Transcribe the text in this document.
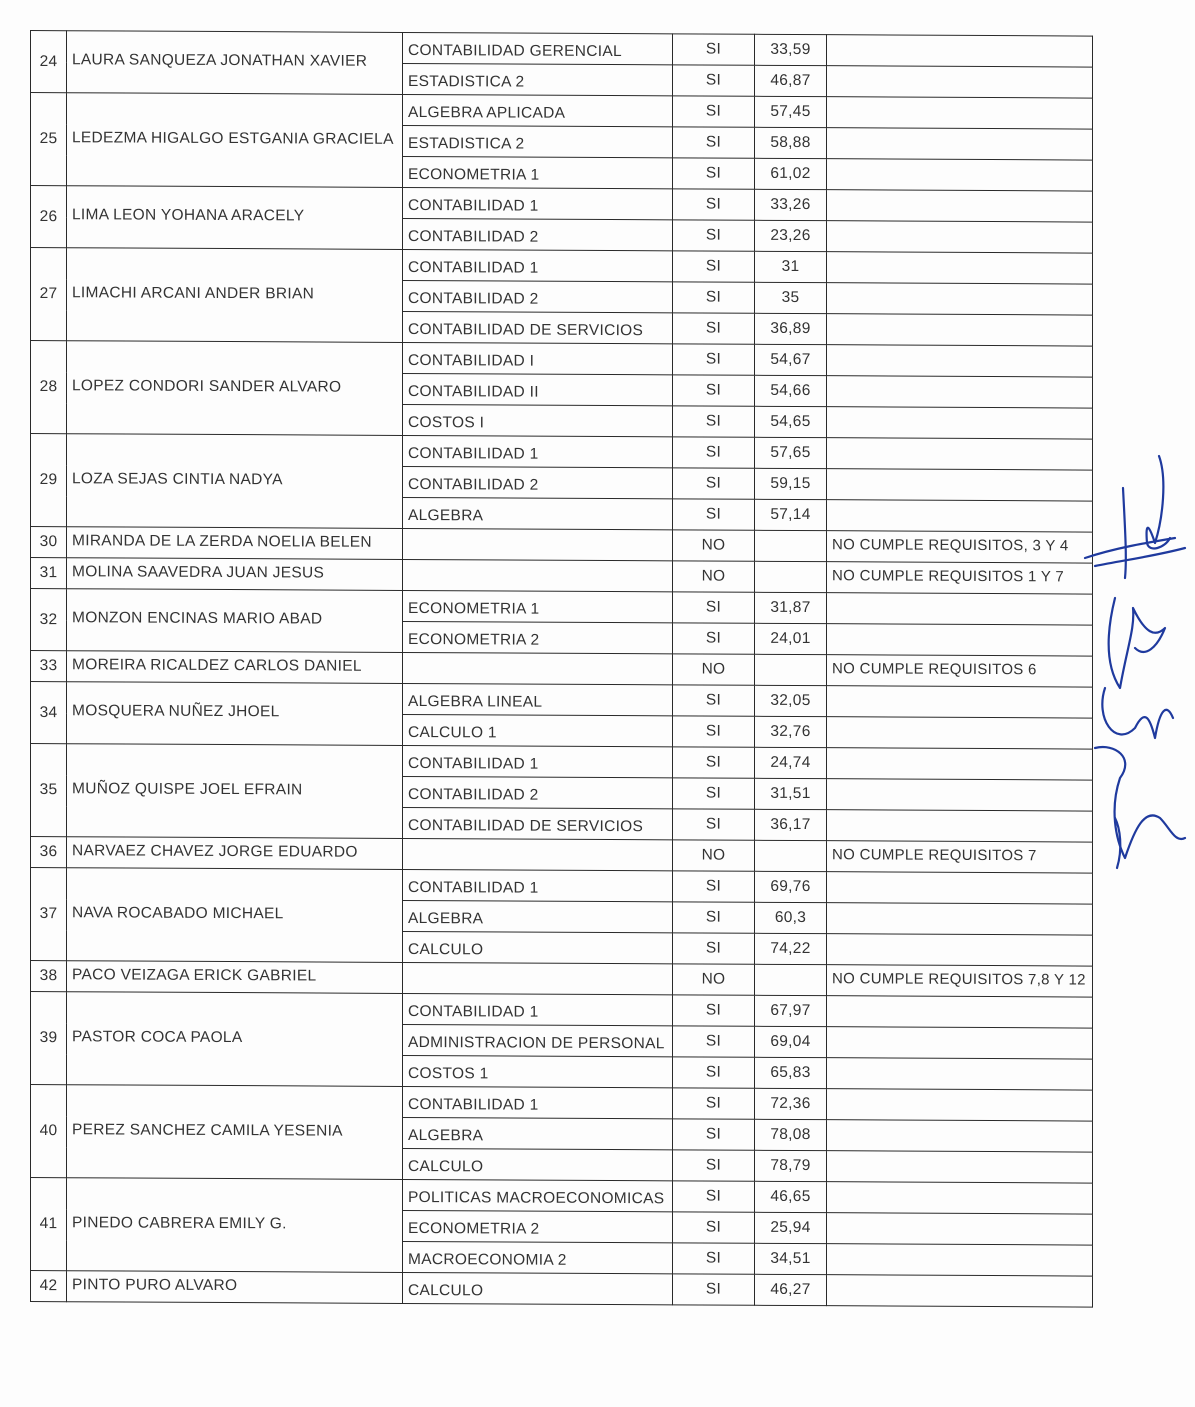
24	LAURA SANQUEZA JONATHAN XAVIER	CONTABILIDAD GERENCIAL	SI	33,59	
		ESTADISTICA 2	SI	46,87	
25	LEDEZMA HIGALGO ESTGANIA GRACIELA	ALGEBRA APLICADA	SI	57,45	
		ESTADISTICA 2	SI	58,88	
		ECONOMETRIA 1	SI	61,02	
26	LIMA LEON YOHANA ARACELY	CONTABILIDAD 1	SI	33,26	
		CONTABILIDAD 2	SI	23,26	
27	LIMACHI ARCANI ANDER BRIAN	CONTABILIDAD 1	SI	31	
		CONTABILIDAD 2	SI	35	
		CONTABILIDAD DE SERVICIOS	SI	36,89	
28	LOPEZ CONDORI SANDER ALVARO	CONTABILIDAD I	SI	54,67	
		CONTABILIDAD II	SI	54,66	
		COSTOS I	SI	54,65	
29	LOZA SEJAS CINTIA NADYA	CONTABILIDAD 1	SI	57,65	
		CONTABILIDAD 2	SI	59,15	
		ALGEBRA	SI	57,14	
30	MIRANDA DE LA ZERDA NOELIA BELEN		NO		NO CUMPLE REQUISITOS, 3 Y 4
31	MOLINA SAAVEDRA JUAN JESUS		NO		NO CUMPLE REQUISITOS 1 Y 7
32	MONZON ENCINAS MARIO ABAD	ECONOMETRIA 1	SI	31,87	
		ECONOMETRIA 2	SI	24,01	
33	MOREIRA RICALDEZ CARLOS DANIEL		NO		NO CUMPLE REQUISITOS 6
34	MOSQUERA NUÑEZ JHOEL	ALGEBRA LINEAL	SI	32,05	
		CALCULO 1	SI	32,76	
35	MUÑOZ QUISPE JOEL EFRAIN	CONTABILIDAD 1	SI	24,74	
		CONTABILIDAD 2	SI	31,51	
		CONTABILIDAD DE SERVICIOS	SI	36,17	
36	NARVAEZ CHAVEZ JORGE EDUARDO		NO		NO CUMPLE REQUISITOS 7
37	NAVA ROCABADO MICHAEL	CONTABILIDAD 1	SI	69,76	
		ALGEBRA	SI	60,3	
		CALCULO	SI	74,22	
38	PACO VEIZAGA ERICK GABRIEL		NO		NO CUMPLE REQUISITOS 7,8 Y 12
39	PASTOR COCA PAOLA	CONTABILIDAD 1	SI	67,97	
		ADMINISTRACION DE PERSONAL	SI	69,04	
		COSTOS 1	SI	65,83	
40	PEREZ SANCHEZ CAMILA YESENIA	CONTABILIDAD 1	SI	72,36	
		ALGEBRA	SI	78,08	
		CALCULO	SI	78,79	
41	PINEDO CABRERA EMILY G.	POLITICAS MACROECONOMICAS	SI	46,65	
		ECONOMETRIA 2	SI	25,94	
		MACROECONOMIA 2	SI	34,51	
42	PINTO PURO ALVARO	CALCULO	SI	46,27	
